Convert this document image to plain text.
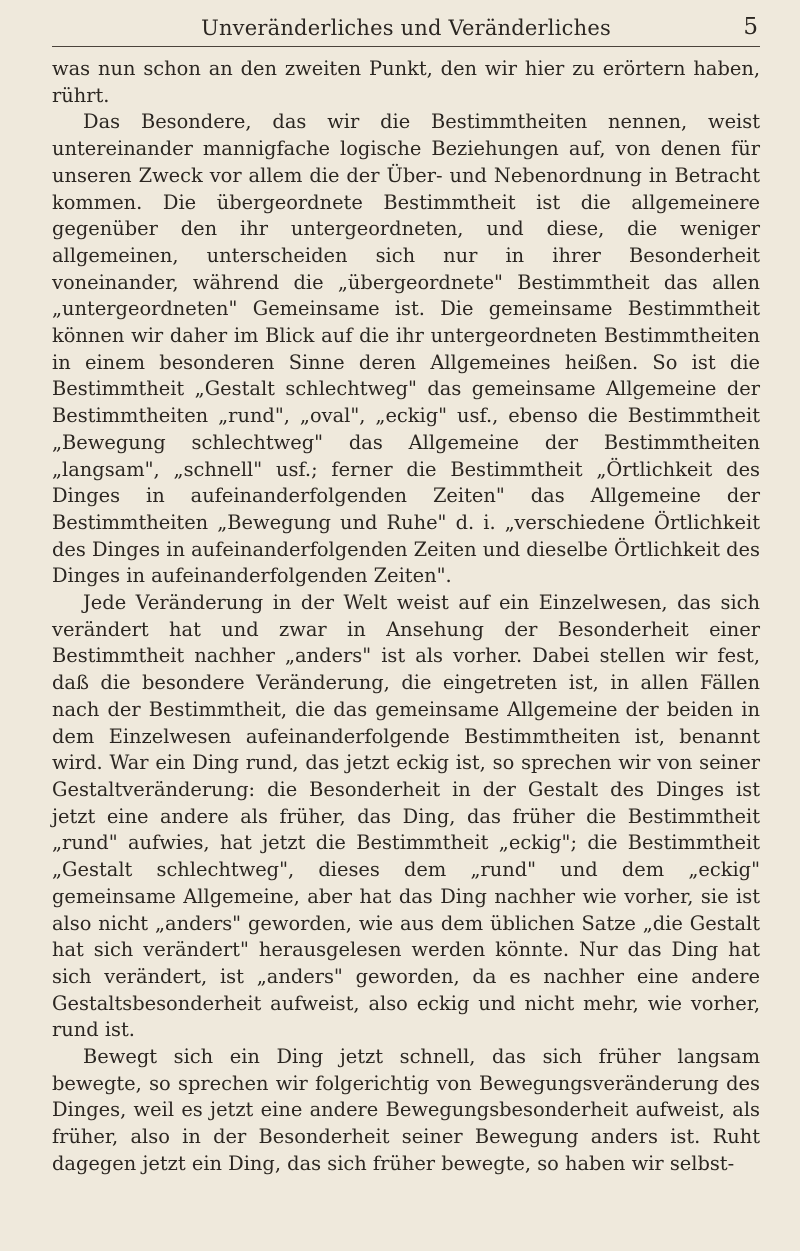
Unveränderliches und Veränderliches	5

was nun schon an den zweiten Punkt, den wir hier zu erörtern haben, rührt.

Das Besondere, das wir die Bestimmtheiten nennen, weist untereinander mannigfache logische Beziehungen auf, von denen für unseren Zweck vor allem die der Über- und Nebenordnung in Betracht kommen. Die übergeordnete Bestimmtheit ist die allgemeinere gegenüber den ihr untergeordneten, und diese, die weniger allgemeinen, unterscheiden sich nur in ihrer Besonderheit voneinander, während die „übergeordnete" Bestimmtheit das allen „untergeordneten" Gemeinsame ist. Die gemeinsame Bestimmtheit können wir daher im Blick auf die ihr untergeordneten Bestimmtheiten in einem besonderen Sinne deren Allgemeines heißen. So ist die Bestimmtheit „Gestalt schlechtweg" das gemeinsame Allgemeine der Bestimmtheiten „rund", „oval", „eckig" usf., ebenso die Bestimmtheit „Bewegung schlechtweg" das Allgemeine der Bestimmtheiten „langsam", „schnell" usf.; ferner die Bestimmtheit „Örtlichkeit des Dinges in aufeinanderfolgenden Zeiten" das Allgemeine der Bestimmtheiten „Bewegung und Ruhe" d. i. „verschiedene Örtlichkeit des Dinges in aufeinanderfolgenden Zeiten und dieselbe Örtlichkeit des Dinges in aufeinanderfolgenden Zeiten".

Jede Veränderung in der Welt weist auf ein Einzelwesen, das sich verändert hat und zwar in Ansehung der Besonderheit einer Bestimmtheit nachher „anders" ist als vorher. Dabei stellen wir fest, daß die besondere Veränderung, die eingetreten ist, in allen Fällen nach der Bestimmtheit, die das gemeinsame Allgemeine der beiden in dem Einzelwesen aufeinanderfolgende Bestimmtheiten ist, benannt wird. War ein Ding rund, das jetzt eckig ist, so sprechen wir von seiner Gestaltveränderung: die Besonderheit in der Gestalt des Dinges ist jetzt eine andere als früher, das Ding, das früher die Bestimmtheit „rund" aufwies, hat jetzt die Bestimmtheit „eckig"; die Bestimmtheit „Gestalt schlechtweg", dieses dem „rund" und dem „eckig" gemeinsame Allgemeine, aber hat das Ding nachher wie vorher, sie ist also nicht „anders" geworden, wie aus dem üblichen Satze „die Gestalt hat sich verändert" herausgelesen werden könnte. Nur das Ding hat sich verändert, ist „anders" geworden, da es nachher eine andere Gestaltsbesonderheit aufweist, also eckig und nicht mehr, wie vorher, rund ist.

Bewegt sich ein Ding jetzt schnell, das sich früher langsam bewegte, so sprechen wir folgerichtig von Bewegungsveränderung des Dinges, weil es jetzt eine andere Bewegungsbesonderheit aufweist, als früher, also in der Besonderheit seiner Bewegung anders ist. Ruht dagegen jetzt ein Ding, das sich früher bewegte, so haben wir selbst-
